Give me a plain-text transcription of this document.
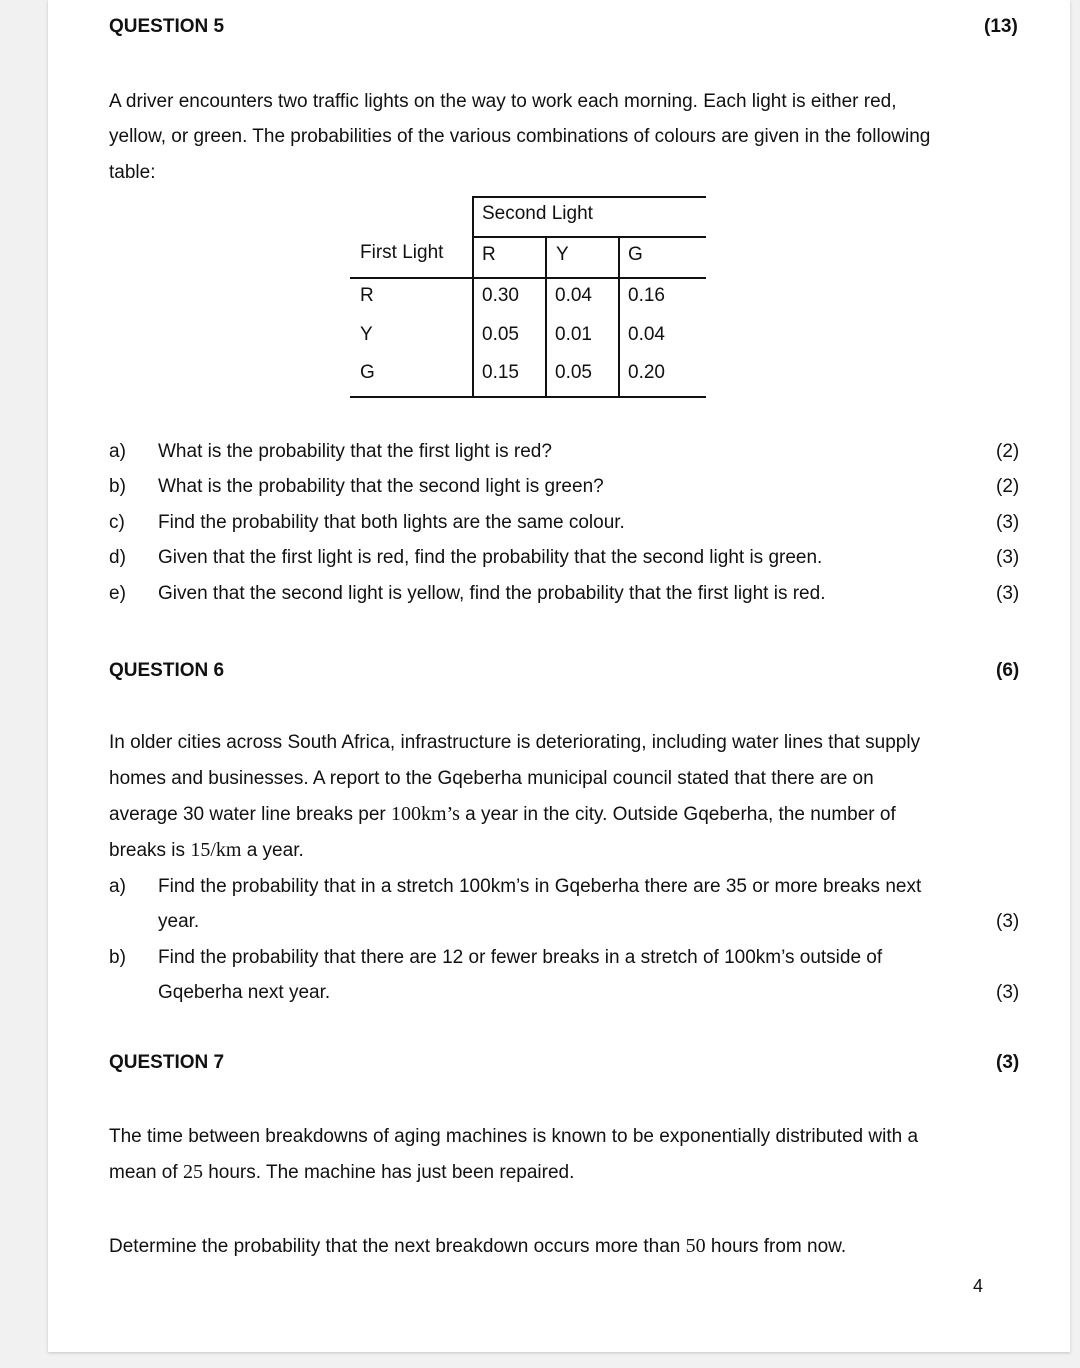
QUESTION 5	(13)
A driver encounters two traffic lights on the way to work each morning. Each light is either red,
yellow, or green. The probabilities of the various combinations of colours are given in the following
table:
Second Light
First Light R	Y	G
R	0.30 0.04 0.16
Y	0.05 0.01 0.04
G	0.15 0.05 0.20
a) What is the probability that the first light is red?	(2)
b) What is the probability that the second light is green?	(2)
c) Find the probability that both lights are the same colour.	(3)
d) Given that the first light is red, find the probability that the second light is green.	(3)
e) Given that the second light is yellow, find the probability that the first light is red.	(3)
QUESTION 6	(6)
In older cities across South Africa, infrastructure is deteriorating, including water lines that supply
homes and businesses. A report to the Gqeberha municipal council stated that there are on
average 30 water line breaks per 100km’s a year in the city. Outside Gqeberha, the number of
breaks is 15/km a year.
a) Find the probability that in a stretch 100km’s in Gqeberha there are 35 or more breaks next
year.	(3)
b) Find the probability that there are 12 or fewer breaks in a stretch of 100km’s outside of
Gqeberha next year.	(3)
QUESTION 7	(3)
The time between breakdowns of aging machines is known to be exponentially distributed with a
mean of 25 hours. The machine has just been repaired.
Determine the probability that the next breakdown occurs more than 50 hours from now.
4
